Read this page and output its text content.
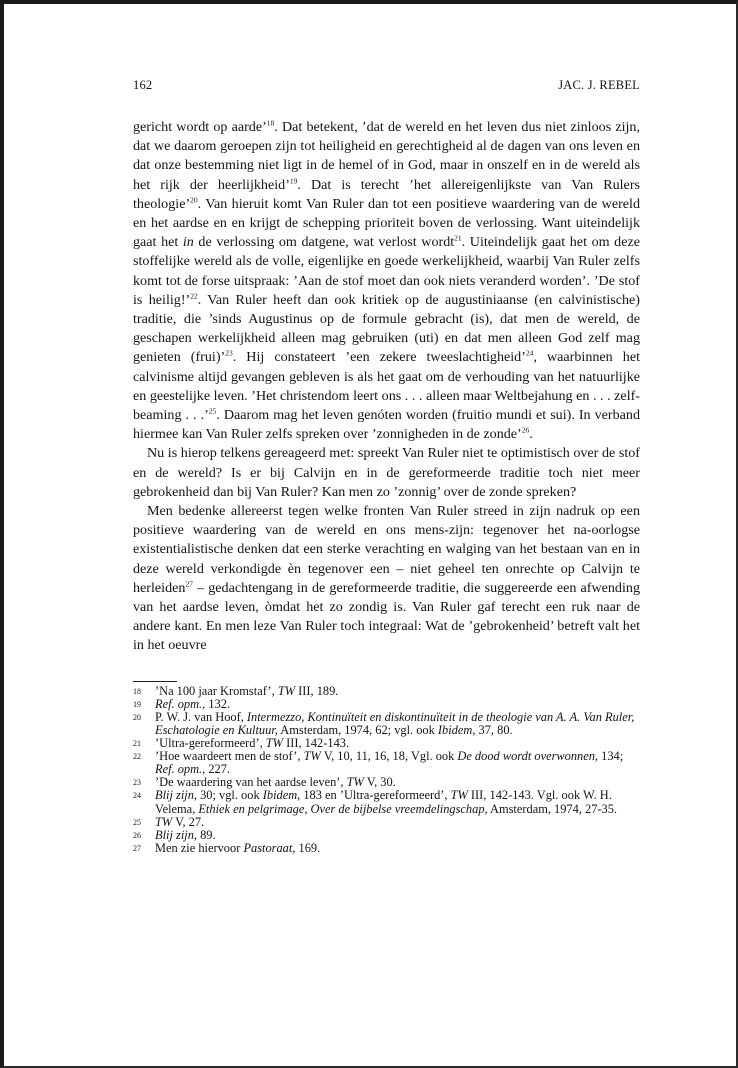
162	JAC. J. REBEL

gericht wordt op aarde’$^{18}$. Dat betekent, ’dat de wereld en het leven dus niet zinloos zijn, dat we daarom geroepen zijn tot heiligheid en gerechtigheid al de dagen van ons leven en dat onze bestemming niet ligt in de hemel of in God, maar in onszelf en in de wereld als het rijk der heerlijkheid’$^{19}$. Dat is terecht ’het allereigenlijkste van Van Rulers theologie’$^{20}$. Van hieruit komt Van Ruler dan tot een positieve waardering van de wereld en het aardse en en krijgt de schepping prioriteit boven de verlossing. Want uiteindelijk gaat het in de verlossing om datgene, wat verlost wordt$^{21}$. Uiteindelijk gaat het om deze stoffelijke wereld als de volle, eigenlijke en goede werkelijkheid, waarbij Van Ruler zelfs komt tot de forse uitspraak: ’Aan de stof moet dan ook niets veranderd worden’. ’De stof is heilig!’$^{22}$. Van Ruler heeft dan ook kritiek op de augustiniaanse (en calvinistische) traditie, die ’sinds Augustinus op de formule gebracht (is), dat men de wereld, de geschapen werkelijkheid alleen mag gebruiken (uti) en dat men alleen God zelf mag genieten (frui)’$^{23}$. Hij constateert ’een zekere tweeslachtigheid’$^{24}$, waarbinnen het calvinisme altijd gevangen gebleven is als het gaat om de verhouding van het natuurlijke en geestelijke leven. ’Het christendom leert ons . . . alleen maar Weltbejahung en . . . zelf-beaming . . .’$^{25}$. Daarom mag het leven genóten worden (fruitio mundi et sui). In verband hiermee kan Van Ruler zelfs spreken over ’zonnigheden in de zonde’$^{26}$.

Nu is hierop telkens gereageerd met: spreekt Van Ruler niet te optimistisch over de stof en de wereld? Is er bij Calvijn en in de gereformeerde traditie toch niet meer gebrokenheid dan bij Van Ruler? Kan men zo ’zonnig’ over de zonde spreken?

Men bedenke allereerst tegen welke fronten Van Ruler streed in zijn nadruk op een positieve waardering van de wereld en ons mens-zijn: tegenover het na-oorlogse existentialistische denken dat een sterke verachting en walging van het bestaan van en in deze wereld verkondigde èn tegenover een – niet geheel ten onrechte op Calvijn te herleiden$^{27}$ – gedachtengang in de gereformeerde traditie, die suggereerde een afwending van het aardse leven, òmdat het zo zondig is. Van Ruler gaf terecht een ruk naar de andere kant. En men leze Van Ruler toch integraal: Wat de ’gebrokenheid’ betreft valt het in het oeuvre

18	’Na 100 jaar Kromstaf’, TW III, 189.
19	Ref. opm., 132.
20	P. W. J. van Hoof, Intermezzo, Kontinuïteit en diskontinuïteit in de theologie van A. A. Van Ruler, Eschatologie en Kultuur, Amsterdam, 1974, 62; vgl. ook Ibidem, 37, 80.
21	’Ultra-gereformeerd’, TW III, 142-143.
22	’Hoe waardeert men de stof’, TW V, 10, 11, 16, 18, Vgl. ook De dood wordt overwonnen, 134; Ref. opm., 227.
23	’De waardering van het aardse leven’, TW V, 30.
24	Blij zijn, 30; vgl. ook Ibidem, 183 en ’Ultra-gereformeerd’, TW III, 142-143. Vgl. ook W. H. Velema, Ethiek en pelgrimage, Over de bijbelse vreemdelingschap, Amsterdam, 1974, 27-35.
25	TW V, 27.
26	Blij zijn, 89.
27	Men zie hiervoor Pastoraat, 169.
